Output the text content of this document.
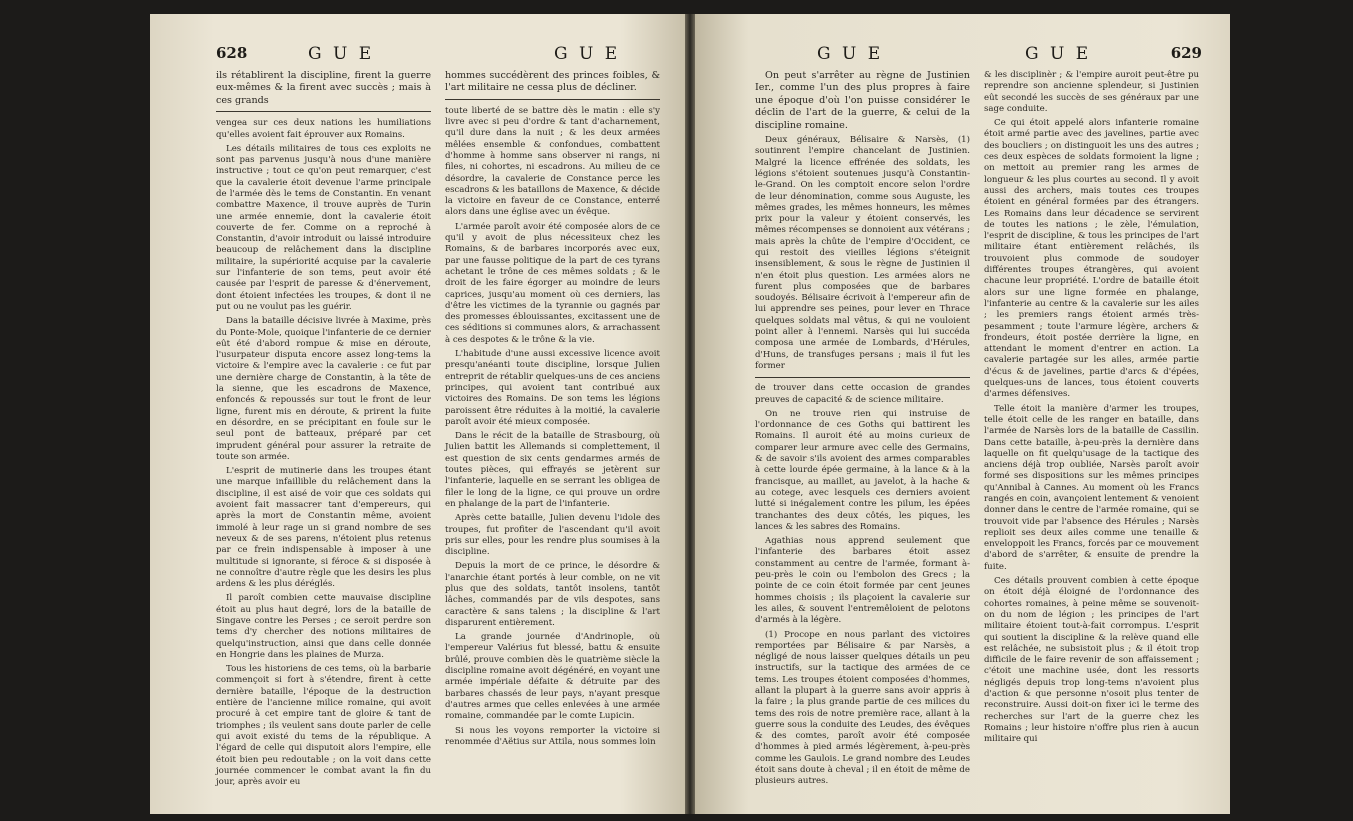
628	G U E	G U E

ils rétablirent la discipline, firent la guerre eux-mêmes & la firent avec succès ; mais à ces grands

vengea sur ces deux nations les humiliations qu'elles avoient fait éprouver aux Romains.

Les détails militaires de tous ces exploits ne sont pas parvenus jusqu'à nous d'une manière instructive ; tout ce qu'on peut remarquer, c'est que la cavalerie étoit devenue l'arme principale de l'armée dès le tems de Constantin. En venant combattre Maxence, il trouve auprès de Turin une armée ennemie, dont la cavalerie étoit couverte de fer. Comme on a reproché à Constantin, d'avoir introduit ou laissé introduire beaucoup de relâchement dans la discipline militaire, la supériorité acquise par la cavalerie sur l'infanterie de son tems, peut avoir été causée par l'esprit de paresse & d'énervement, dont étoient infectées les troupes, & dont il ne put ou ne voulut pas les guérir.

Dans la bataille décisive livrée à Maxime, près du Ponte-Mole, quoique l'infanterie de ce dernier eût été d'abord rompue & mise en déroute, l'usurpateur disputa encore assez long-tems la victoire & l'empire avec la cavalerie : ce fut par une dernière charge de Constantin, à la tête de la sienne, que les escadrons de Maxence, enfoncés & repoussés sur tout le front de leur ligne, furent mis en déroute, & prirent la fuite en désordre, en se précipitant en foule sur le seul pont de batteaux, préparé par cet imprudent général pour assurer la retraite de toute son armée.

L'esprit de mutinerie dans les troupes étant une marque infaillible du relâchement dans la discipline, il est aisé de voir que ces soldats qui avoient fait massacrer tant d'empereurs, qui après la mort de Constantin même, avoient immolé à leur rage un si grand nombre de ses neveux & de ses parens, n'étoient plus retenus par ce frein indispensable à imposer à une multitude si ignorante, si féroce & si disposée à ne connoître d'autre règle que les desirs les plus ardens & les plus déréglés.

Il paroît combien cette mauvaise discipline étoit au plus haut degré, lors de la bataille de Singave contre les Perses ; ce seroit perdre son tems d'y chercher des notions militaires de quelqu'instruction, ainsi que dans celle donnée en Hongrie dans les plaines de Murza.

Tous les historiens de ces tems, où la barbarie commençoit si fort à s'étendre, firent à cette dernière bataille, l'époque de la destruction entière de l'ancienne milice romaine, qui avoit procuré à cet empire tant de gloire & tant de triomphes ; ils veulent sans doute parler de celle qui avoit existé du tems de la république. A l'égard de celle qui disputoit alors l'empire, elle étoit bien peu redoutable ; on la voit dans cette journée commencer le combat avant la fin du jour, après avoir eu

hommes succédèrent des princes foibles, & l'art militaire ne cessa plus de décliner.

toute liberté de se battre dès le matin : elle s'y livre avec si peu d'ordre & tant d'acharnement, qu'il dure dans la nuit ; & les deux armées mêlées ensemble & confondues, combattent d'homme à homme sans observer ni rangs, ni files, ni cohortes, ni escadrons. Au milieu de ce désordre, la cavalerie de Constance perce les escadrons & les bataillons de Maxence, & décide la victoire en faveur de ce Constance, enterré alors dans une église avec un évêque.

L'armée paroît avoir été composée alors de ce qu'il y avoit de plus nécessiteux chez les Romains, & de barbares incorporés avec eux, par une fausse politique de la part de ces tyrans achetant le trône de ces mêmes soldats ; & le droit de les faire égorger au moindre de leurs caprices, jusqu'au moment où ces derniers, las d'être les victimes de la tyrannie ou gagnés par des promesses éblouissantes, excitassent une de ces séditions si communes alors, & arrachassent à ces despotes & le trône & la vie.

L'habitude d'une aussi excessive licence avoit presqu'anéanti toute discipline, lorsque Julien entreprit de rétablir quelques-uns de ces anciens principes, qui avoient tant contribué aux victoires des Romains. De son tems les légions paroissent être réduites à la moitié, la cavalerie paroît avoir été mieux composée.

Dans le récit de la bataille de Strasbourg, où Julien battit les Allemands si complettement, il est question de six cents gendarmes armés de toutes pièces, qui effrayés se jetèrent sur l'infanterie, laquelle en se serrant les obligea de filer le long de la ligne, ce qui prouve un ordre en phalange de la part de l'infanterie.

Après cette bataille, Julien devenu l'idole des troupes, fut profiter de l'ascendant qu'il avoit pris sur elles, pour les rendre plus soumises à la discipline.

Depuis la mort de ce prince, le désordre & l'anarchie étant portés à leur comble, on ne vit plus que des soldats, tantôt insolens, tantôt lâches, commandés par de vils despotes, sans caractère & sans talens ; la discipline & l'art disparurent entièrement.

La grande journée d'Andrinople, où l'empereur Valérius fut blessé, battu & ensuite brûlé, prouve combien dès le quatrième siècle la discipline romaine avoit dégénéré, en voyant une armée impériale défaite & détruite par des barbares chassés de leur pays, n'ayant presque d'autres armes que celles enlevées à une armée romaine, commandée par le comte Lupicin.

Si nous les voyons remporter la victoire si renommée d'Aëtius sur Attila, nous sommes loin

G U E	G U E	629

On peut s'arrêter au règne de Justinien Ier., comme l'un des plus propres à faire une époque d'où l'on puisse considérer le déclin de l'art de la guerre, & celui de la discipline romaine.

Deux généraux, Bélisaire & Narsès, (1) soutinrent l'empire chancelant de Justinien. Malgré la licence effrénée des soldats, les légions s'étoient soutenues jusqu'à Constantin-le-Grand. On les comptoit encore selon l'ordre de leur dénomination, comme sous Auguste, les mêmes grades, les mêmes honneurs, les mêmes prix pour la valeur y étoient conservés, les mêmes récompenses se donnoient aux vétérans ; mais après la chûte de l'empire d'Occident, ce qui restoit des vieilles légions s'éteignit insensiblement, & sous le règne de Justinien il n'en étoit plus question. Les armées alors ne furent plus composées que de barbares soudoyés. Bélisaire écrivoit à l'empereur afin de lui apprendre ses peines, pour lever en Thrace quelques soldats mal vêtus, & qui ne vouloient point aller à l'ennemi. Narsès qui lui succéda composa une armée de Lombards, d'Hérules, d'Huns, de transfuges persans ; mais il fut les former

de trouver dans cette occasion de grandes preuves de capacité & de science militaire.

On ne trouve rien qui instruise de l'ordonnance de ces Goths qui battirent les Romains. Il auroit été au moins curieux de comparer leur armure avec celle des Germains, & de savoir s'ils avoient des armes comparables à cette lourde épée germaine, à la lance & à la francisque, au maillet, au javelot, à la hache & au cotege, avec lesquels ces derniers avoient lutté si inégalement contre les pilum, les épées tranchantes des deux côtés, les piques, les lances & les sabres des Romains.

Agathias nous apprend seulement que l'infanterie des barbares étoit assez constamment au centre de l'armée, formant à-peu-près le coin ou l'embolon des Grecs ; la pointe de ce coin étoit formée par cent jeunes hommes choisis ; ils plaçoient la cavalerie sur les ailes, & souvent l'entremêloient de pelotons d'armés à la légère.

(1) Procope en nous parlant des victoires remportées par Bélisaire & par Narsès, a négligé de nous laisser quelques détails un peu instructifs, sur la tactique des armées de ce tems. Les troupes étoient composées d'hommes, allant la plupart à la guerre sans avoir appris à la faire ; la plus grande partie de ces milices du tems des rois de notre première race, allant à la guerre sous la conduite des Leudes, des évêques & des comtes, paroît avoir été composée d'hommes à pied armés légèrement, à-peu-près comme les Gaulois. Le grand nombre des Leudes étoit sans doute à cheval ; il en étoit de même de plusieurs autres.

& les disciplinèr ; & l'empire auroit peut-être pu reprendre son ancienne splendeur, si Justinien eût secondé les succès de ses généraux par une sage conduite.

Ce qui étoit appelé alors infanterie romaine étoit armé partie avec des javelines, partie avec des boucliers ; on distinguoit les uns des autres ; ces deux espèces de soldats formoient la ligne ; on mettoit au premier rang les armes de longueur & les plus courtes au second. Il y avoit aussi des archers, mais toutes ces troupes étoient en général formées par des étrangers. Les Romains dans leur décadence se servirent de toutes les nations ; le zèle, l'émulation, l'esprit de discipline, & tous les principes de l'art militaire étant entièrement relâchés, ils trouvoient plus commode de soudoyer différentes troupes étrangères, qui avoient chacune leur propriété. L'ordre de bataille étoit alors sur une ligne formée en phalange, l'infanterie au centre & la cavalerie sur les ailes ; les premiers rangs étoient armés très-pesamment ; toute l'armure légère, archers & frondeurs, étoit postée derrière la ligne, en attendant le moment d'entrer en action. La cavalerie partagée sur les ailes, armée partie d'écus & de javelines, partie d'arcs & d'épées, quelques-uns de lances, tous étoient couverts d'armes défensives.

Telle étoit la manière d'armer les troupes, telle étoit celle de les ranger en bataille, dans l'armée de Narsès lors de la bataille de Cassilin. Dans cette bataille, à-peu-près la dernière dans laquelle on fit quelqu'usage de la tactique des anciens déjà trop oubliée, Narsès paroît avoir formé ses dispositions sur les mêmes principes qu'Annibal à Cannes. Au moment où les Francs rangés en coin, avançoient lentement & venoient donner dans le centre de l'armée romaine, qui se trouvoit vide par l'absence des Hérules ; Narsès replioit ses deux ailes comme une tenaille & enveloppoit les Francs, forcés par ce mouvement d'abord de s'arrêter, & ensuite de prendre la fuite.

Ces détails prouvent combien à cette époque on étoit déjà éloigné de l'ordonnance des cohortes romaines, à peine même se souvenoit-on du nom de légion ; les principes de l'art militaire étoient tout-à-fait corrompus. L'esprit qui soutient la discipline & la relève quand elle est relâchée, ne subsistoit plus ; & il étoit trop difficile de le faire revenir de son affaissement ; c'étoit une machine usée, dont les ressorts négligés depuis trop long-tems n'avoient plus d'action & que personne n'osoit plus tenter de reconstruire. Aussi doit-on fixer ici le terme des recherches sur l'art de la guerre chez les Romains ; leur histoire n'offre plus rien à aucun militaire qui
